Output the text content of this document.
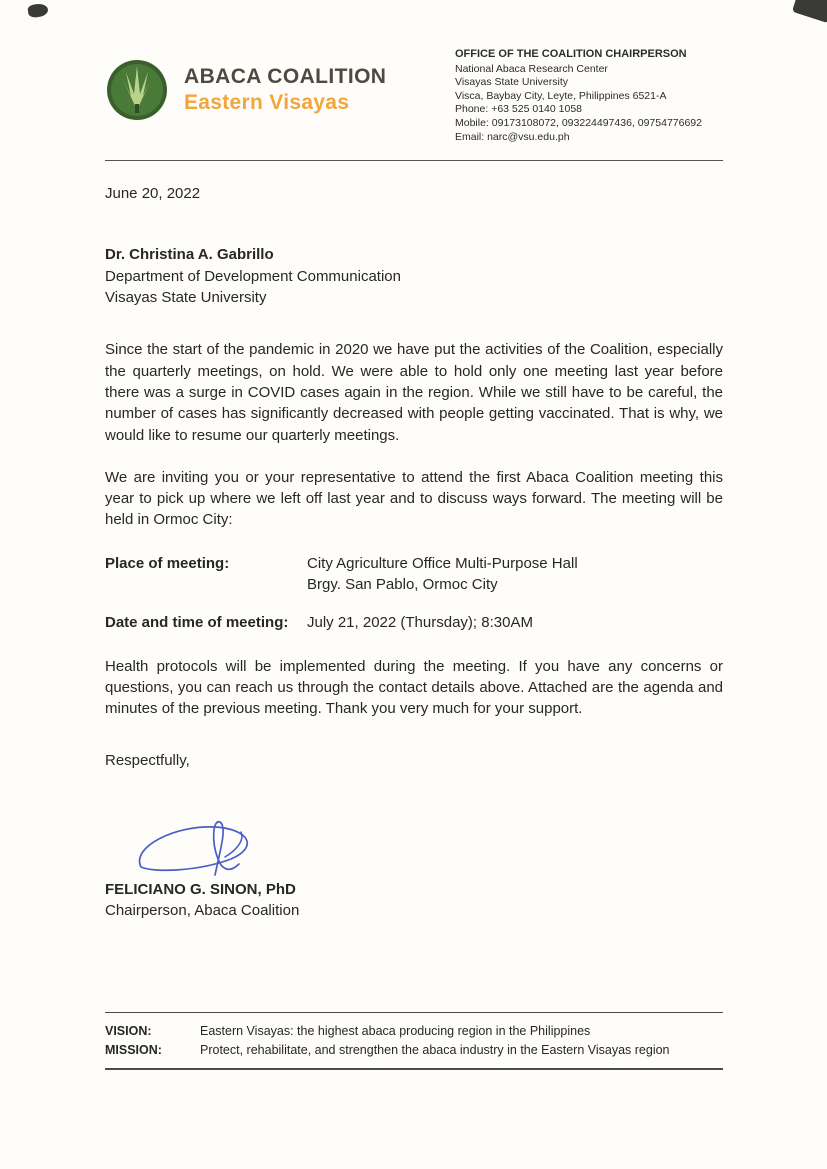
ABACA COALITION
Eastern Visayas
OFFICE OF THE COALITION CHAIRPERSON
National Abaca Research Center
Visayas State University
Visca, Baybay City, Leyte, Philippines 6521-A
Phone: +63 525 0140 1058
Mobile: 09173108072, 093224497436, 09754776692
Email: narc@vsu.edu.ph
June 20, 2022
Dr. Christina A. Gabrillo
Department of Development Communication
Visayas State University

Since the start of the pandemic in 2020 we have put the activities of the Coalition, especially the quarterly meetings, on hold. We were able to hold only one meeting last year before there was a surge in COVID cases again in the region. While we still have to be careful, the number of cases has significantly decreased with people getting vaccinated. That is why, we would like to resume our quarterly meetings.

We are inviting you or your representative to attend the first Abaca Coalition meeting this year to pick up where we left off last year and to discuss ways forward. The meeting will be held in Ormoc City:

Place of meeting:	City Agriculture Office Multi-Purpose Hall
Brgy. San Pablo, Ormoc City
Date and time of meeting:	July 21, 2022 (Thursday); 8:30AM

Health protocols will be implemented during the meeting. If you have any concerns or questions, you can reach us through the contact details above. Attached are the agenda and minutes of the previous meeting. Thank you very much for your support.

Respectfully,
FELICIANO G. SINON, PhD
Chairperson, Abaca Coalition
VISION:	Eastern Visayas: the highest abaca producing region in the Philippines
MISSION:	Protect, rehabilitate, and strengthen the abaca industry in the Eastern Visayas region
